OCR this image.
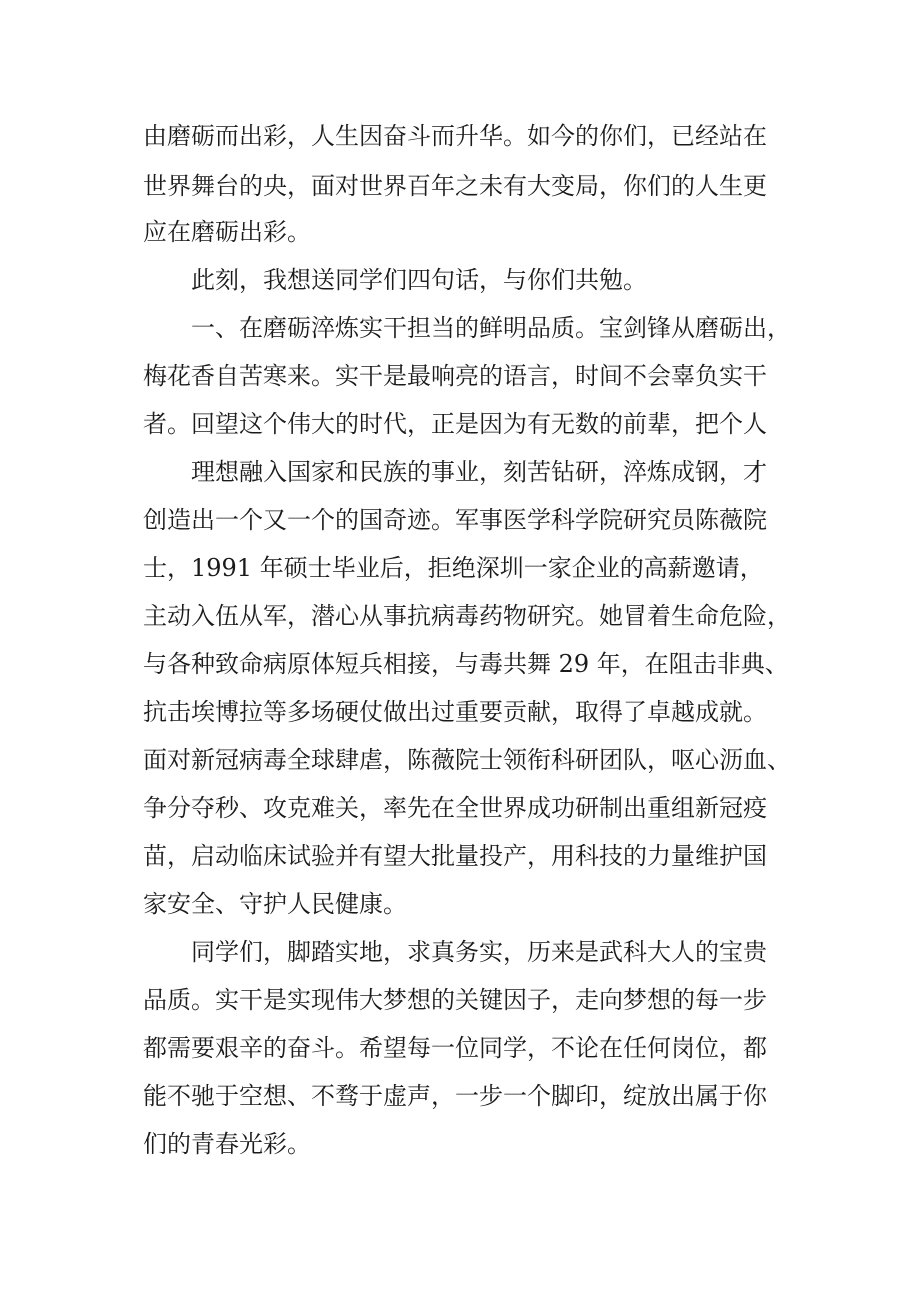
由磨砺而出彩，人生因奋斗而升华。如今的你们，已经站在
世界舞台的央，面对世界百年之未有大变局，你们的人生更
应在磨砺出彩。
此刻，我想送同学们四句话，与你们共勉。
一、在磨砺淬炼实干担当的鲜明品质。宝剑锋从磨砺出，
梅花香自苦寒来。实干是最响亮的语言，时间不会辜负实干
者。回望这个伟大的时代，正是因为有无数的前辈，把个人
理想融入国家和民族的事业，刻苦钻研，淬炼成钢，才
创造出一个又一个的国奇迹。军事医学科学院研究员陈薇院
士，1991 年硕士毕业后，拒绝深圳一家企业的高薪邀请，
主动入伍从军，潜心从事抗病毒药物研究。她冒着生命危险，
与各种致命病原体短兵相接，与毒共舞 29 年，在阻击非典、
抗击埃博拉等多场硬仗做出过重要贡献，取得了卓越成就。
面对新冠病毒全球肆虐，陈薇院士领衔科研团队，呕心沥血、
争分夺秒、攻克难关，率先在全世界成功研制出重组新冠疫
苗，启动临床试验并有望大批量投产，用科技的力量维护国
家安全、守护人民健康。
同学们，脚踏实地，求真务实，历来是武科大人的宝贵
品质。实干是实现伟大梦想的关键因子，走向梦想的每一步
都需要艰辛的奋斗。希望每一位同学，不论在任何岗位，都
能不驰于空想、不骛于虚声，一步一个脚印，绽放出属于你
们的青春光彩。
